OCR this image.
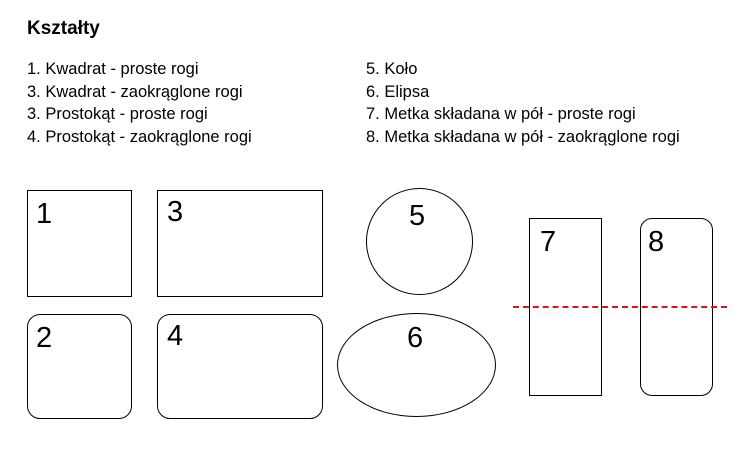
Kształty
1. Kwadrat - proste rogi
3. Kwadrat - zaokrąglone rogi
3. Prostokąt - proste rogi
4. Prostokąt - zaokrąglone rogi
5. Koło
6. Elipsa
7. Metka składana w pół - proste rogi
8. Metka składana w pół - zaokrąglone rogi
1
2
3
4
5
6
7	8
